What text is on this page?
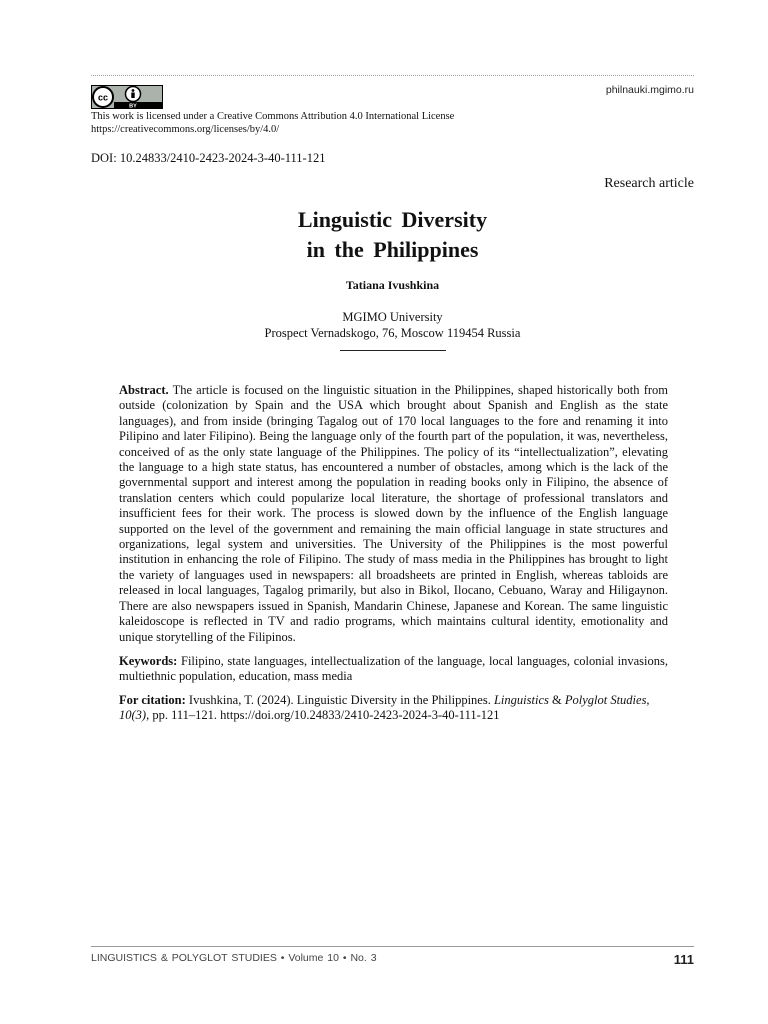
philnauki.mgimo.ru
cc
BY
This work is licensed under a Creative Commons Attribution 4.0 International License
https://creativecommons.org/licenses/by/4.0/
DOI: 10.24833/2410-2423-2024-3-40-111-121
Research article
Linguistic Diversity
in the Philippines
Tatiana Ivushkina
MGIMO University
Prospect Vernadskogo, 76, Moscow 119454 Russia
Abstract. The article is focused on the linguistic situation in the Philippines, shaped historically both from outside (colonization by Spain and the USA which brought about Spanish and English as the state languages), and from inside (bringing Tagalog out of 170 local languages to the fore and renaming it into Pilipino and later Filipino). Being the language only of the fourth part of the population, it was, nevertheless, conceived of as the only state language of the Philippines. The policy of its “intellectualization”, elevating the language to a high state status, has encountered a number of obstacles, among which is the lack of the governmental support and interest among the population in reading books only in Filipino, the absence of translation centers which could popularize local literature, the shortage of professional translators and insufficient fees for their work. The process is slowed down by the influence of the English language supported on the level of the government and remaining the main official language in state structures and organizations, legal system and universities. The University of the Philippines is the most powerful institution in enhancing the role of Filipino. The study of mass media in the Philippines has brought to light the variety of languages used in newspapers: all broadsheets are printed in English, whereas tabloids are released in local languages, Tagalog primarily, but also in Bikol, Ilocano, Cebuano, Waray and Hiligaynon. There are also newspapers issued in Spanish, Mandarin Chinese, Japanese and Korean. The same linguistic kaleidoscope is reflected in TV and radio programs, which maintains cultural identity, emotionality and unique storytelling of the Filipinos.
Keywords: Filipino, state languages, intellectualization of the language, local languages, colonial invasions, multiethnic population, education, mass media
For citation: Ivushkina, T. (2024). Linguistic Diversity in the Philippines. Linguistics & Polyglot Studies, 10(3), pp. 111–121. https://doi.org/10.24833/2410-2423-2024-3-40-111-121
LINGUISTICS & POLYGLOT STUDIES • Volume 10 • No. 3	111
